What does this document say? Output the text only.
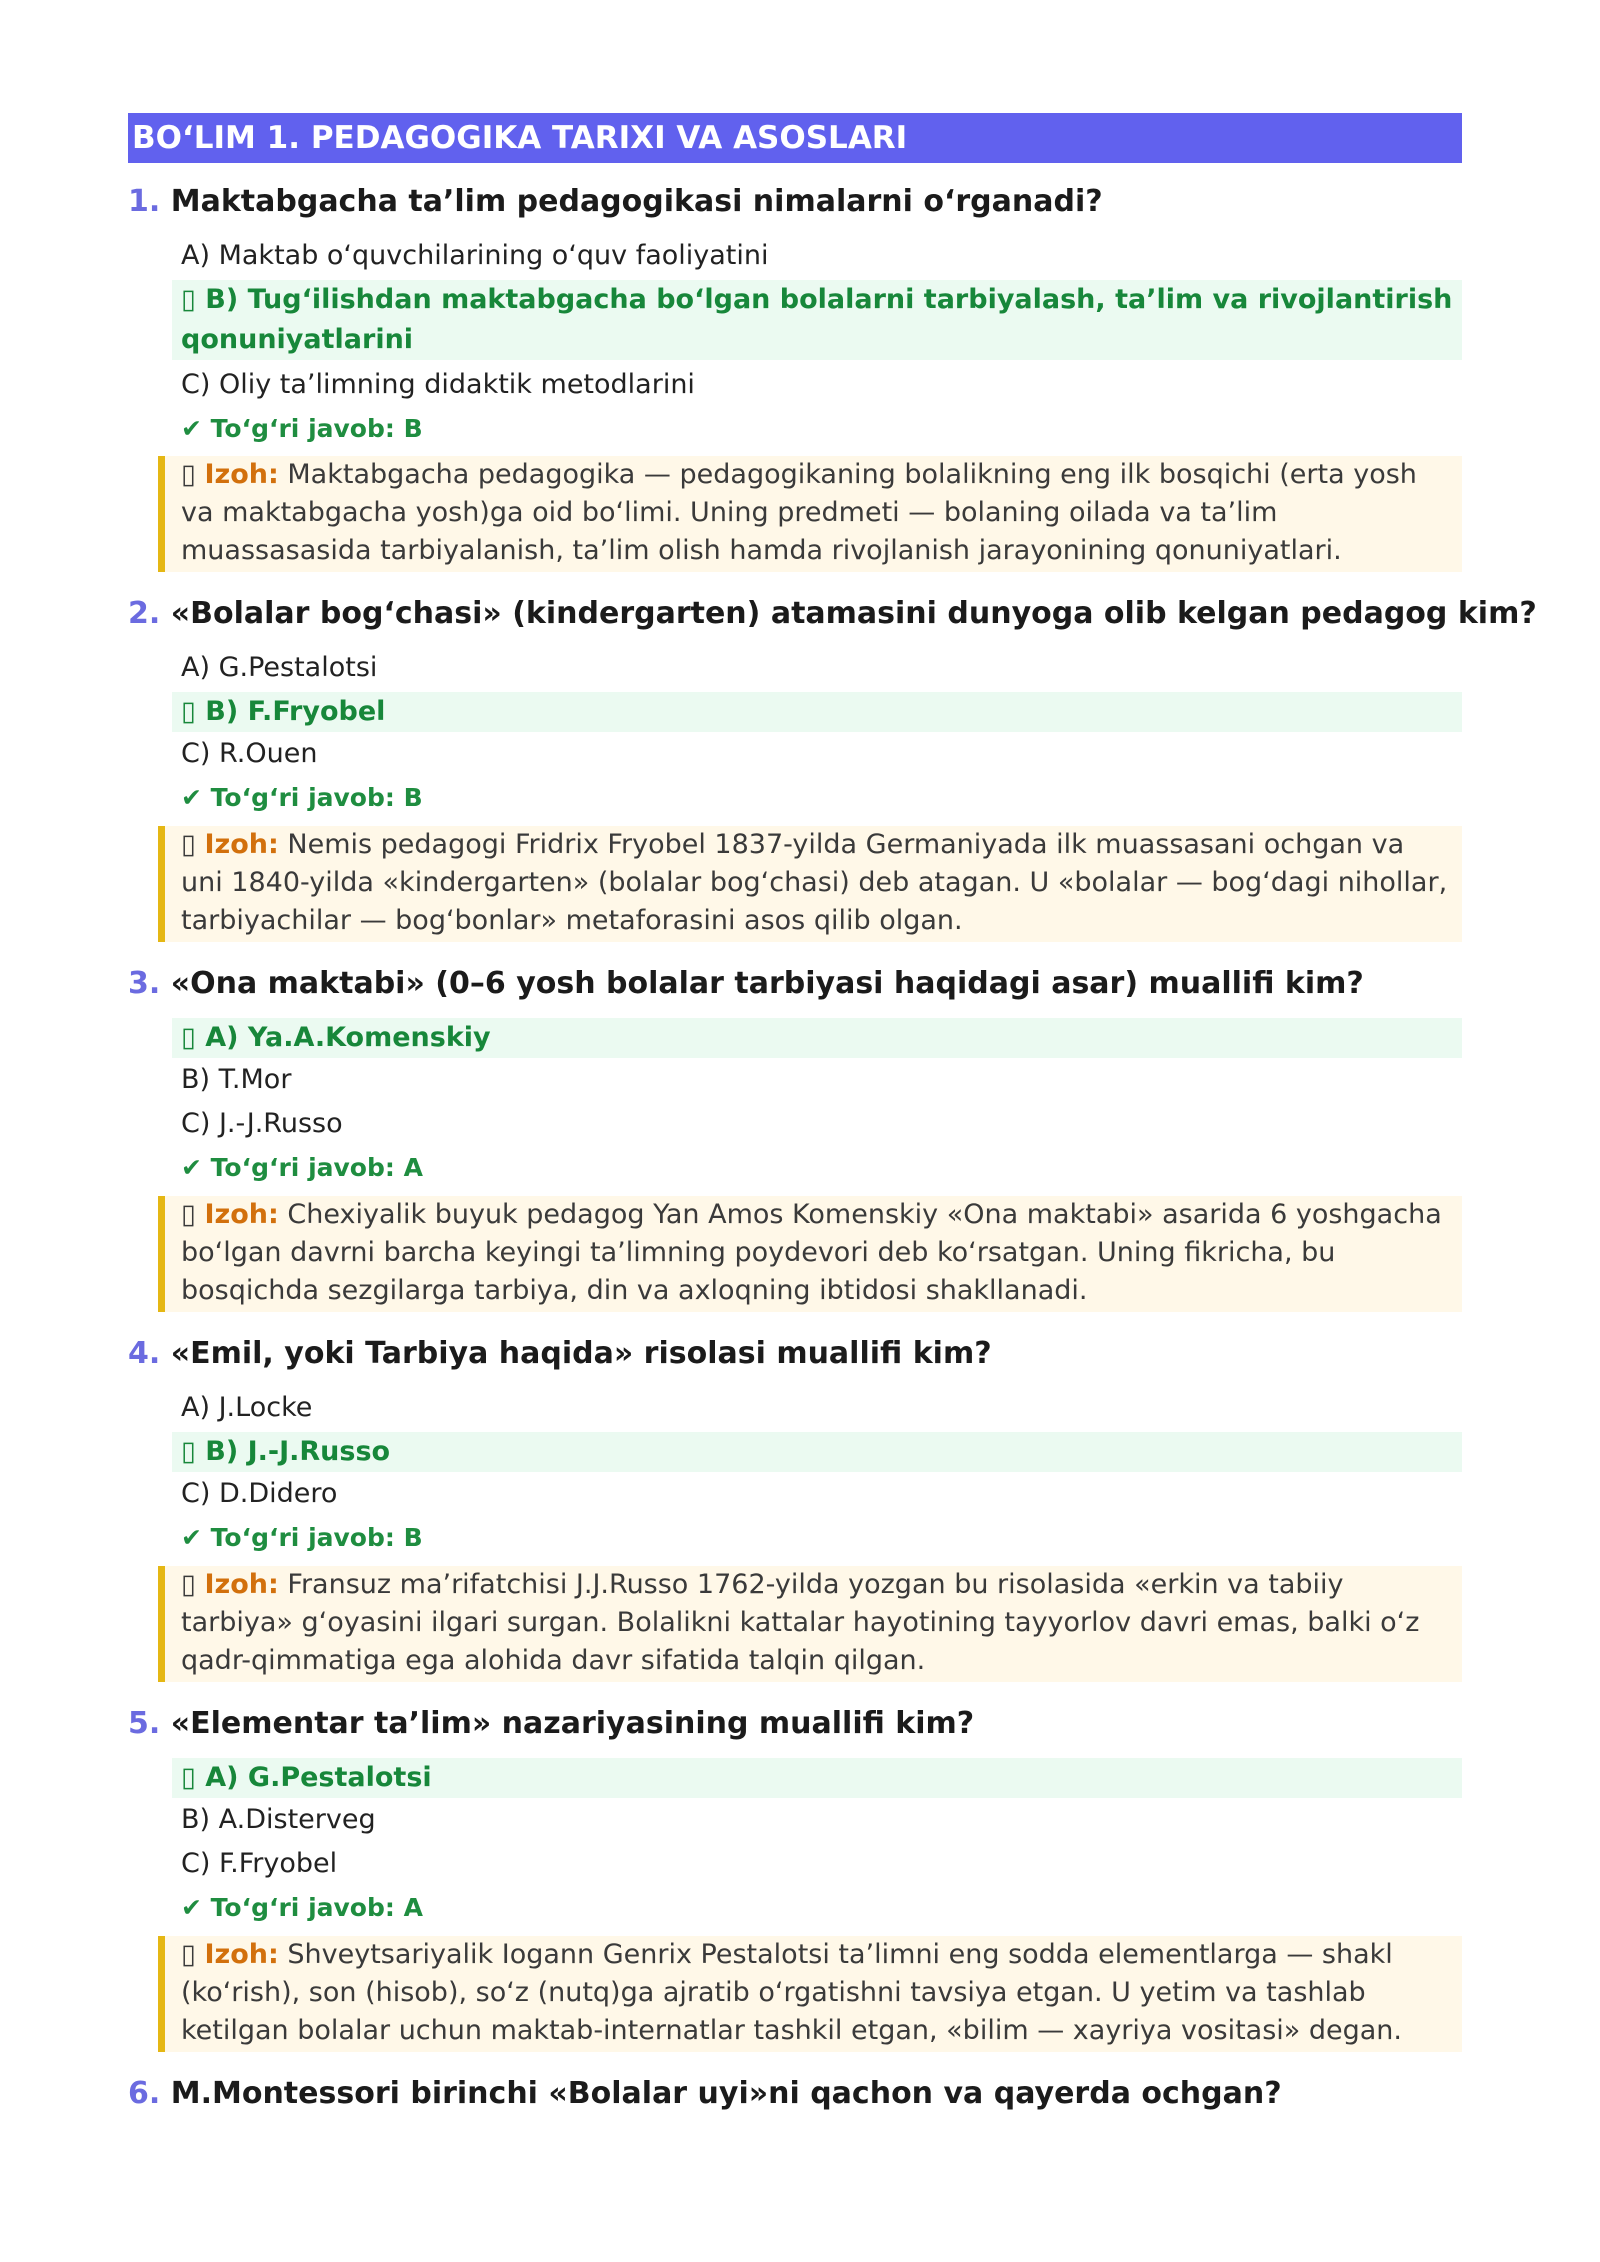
BO‘LIM 1. PEDAGOGIKA TARIXI VA ASOSLARI
1. Maktabgacha ta’lim pedagogikasi nimalarni o‘rganadi?
A) Maktab o‘quvchilarining o‘quv faoliyatini
▯ B) Tug‘ilishdan maktabgacha bo‘lgan bolalarni tarbiyalash, ta’lim va rivojlantirish qonuniyatlarini
C) Oliy ta’limning didaktik metodlarini
✔ To‘g‘ri javob: B
▯ Izoh: Maktabgacha pedagogika — pedagogikaning bolalikning eng ilk bosqichi (erta yosh va maktabgacha yosh)ga oid bo‘limi. Uning predmeti — bolaning oilada va ta’lim muassasasida tarbiyalanish, ta’lim olish hamda rivojlanish jarayonining qonuniyatlari.
2. «Bolalar bog‘chasi» (kindergarten) atamasini dunyoga olib kelgan pedagog kim?
A) G.Pestalotsi
▯ B) F.Fryobel
C) R.Ouen
✔ To‘g‘ri javob: B
▯ Izoh: Nemis pedagogi Fridrix Fryobel 1837-yilda Germaniyada ilk muassasani ochgan va uni 1840-yilda «kindergarten» (bolalar bog‘chasi) deb atagan. U «bolalar — bog‘dagi nihollar, tarbiyachilar — bog‘bonlar» metaforasini asos qilib olgan.
3. «Ona maktabi» (0–6 yosh bolalar tarbiyasi haqidagi asar) muallifi kim?
▯ A) Ya.A.Komenskiy
B) T.Mor
C) J.-J.Russo
✔ To‘g‘ri javob: A
▯ Izoh: Chexiyalik buyuk pedagog Yan Amos Komenskiy «Ona maktabi» asarida 6 yoshgacha bo‘lgan davrni barcha keyingi ta’limning poydevori deb ko‘rsatgan. Uning fikricha, bu bosqichda sezgilarga tarbiya, din va axloqning ibtidosi shakllanadi.
4. «Emil, yoki Tarbiya haqida» risolasi muallifi kim?
A) J.Locke
▯ B) J.-J.Russo
C) D.Didero
✔ To‘g‘ri javob: B
▯ Izoh: Fransuz ma’rifatchisi J.J.Russo 1762-yilda yozgan bu risolasida «erkin va tabiiy tarbiya» g‘oyasini ilgari surgan. Bolalikni kattalar hayotining tayyorlov davri emas, balki o‘z qadr-qimmatiga ega alohida davr sifatida talqin qilgan.
5. «Elementar ta’lim» nazariyasining muallifi kim?
▯ A) G.Pestalotsi
B) A.Disterveg
C) F.Fryobel
✔ To‘g‘ri javob: A
▯ Izoh: Shveytsariyalik Iogann Genrix Pestalotsi ta’limni eng sodda elementlarga — shakl (ko‘rish), son (hisob), so‘z (nutq)ga ajratib o‘rgatishni tavsiya etgan. U yetim va tashlab ketilgan bolalar uchun maktab-internatlar tashkil etgan, «bilim — xayriya vositasi» degan.
6. M.Montessori birinchi «Bolalar uyi»ni qachon va qayerda ochgan?
